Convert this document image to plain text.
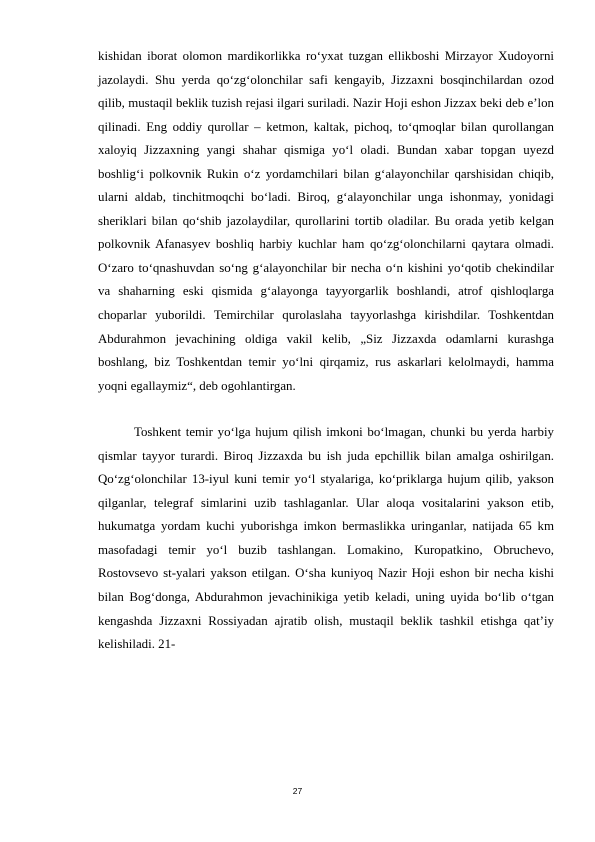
kishidan iborat olomon mardikorlikka ro‘yxat tuzgan ellikboshi Mirzayor Xudoyorni jazolaydi. Shu yerda qo‘zg‘olonchilar safi kengayib, Jizzaxni bosqinchilardan ozod qilib, mustaqil beklik tuzish rejasi ilgari suriladi. Nazir Hoji eshon Jizzax beki deb e’lon qilinadi. Eng oddiy qurollar – ketmon, kaltak, pichoq, to‘qmoqlar bilan qurollangan xaloyiq Jizzaxning yangi shahar qismiga yo‘l oladi. Bundan xabar topgan uyezd boshlig‘i polkovnik Rukin o‘z yordamchilari bilan g‘alayonchilar qarshisidan chiqib, ularni aldab, tinchitmoqchi bo‘ladi. Biroq, g‘alayonchilar unga ishonmay, yonidagi sheriklari bilan qo‘shib jazolaydilar, qurollarini tortib oladilar. Bu orada yetib kelgan polkovnik Afanasyev boshliq harbiy kuchlar ham qo‘zg‘olonchilarni qaytara olmadi. O‘zaro to‘qnashuvdan so‘ng g‘alayonchilar bir necha o‘n kishini yo‘qotib chekindilar va shaharning eski qismida g‘alayonga tayyorgarlik boshlandi, atrof qishloqlarga choparlar yuborildi. Temirchilar qurolaslaha tayyorlashga kirishdilar. Toshkentdan Abdurahmon jevachining oldiga vakil kelib, „Siz Jizzaxda odamlarni kurashga boshlang, biz Toshkentdan temir yo‘lni qirqamiz, rus askarlari kelolmaydi, hamma yoqni egallaymiz“, deb ogohlantirgan.

Toshkent temir yo‘lga hujum qilish imkoni bo‘lmagan, chunki bu yerda harbiy qismlar tayyor turardi. Biroq Jizzaxda bu ish juda epchillik bilan amalga oshirilgan. Qo‘zg‘olonchilar 13-iyul kuni temir yo‘l styalariga, ko‘priklarga hujum qilib, yakson qilganlar, telegraf simlarini uzib tashlaganlar. Ular aloqa vositalarini yakson etib, hukumatga yordam kuchi yuborishga imkon bermaslikka uringanlar, natijada 65 km masofadagi temir yo‘l buzib tashlangan. Lomakino, Kuropatkino, Obruchevo, Rostovsevo st-yalari yakson etilgan. O‘sha kuniyoq Nazir Hoji eshon bir necha kishi bilan Bog‘donga, Abdurahmon jevachinikiga yetib keladi, uning uyida bo‘lib o‘tgan kengashda Jizzaxni Rossiyadan ajratib olish, mustaqil beklik tashkil etishga qat’iy kelishiladi. 21-

27
